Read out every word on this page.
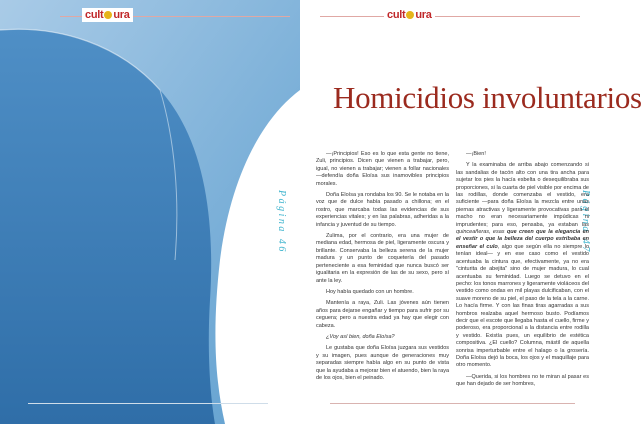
cult ura
Página 46
cult ura
Página 47
Homicidios involuntarios

—¡Principios! Eso es lo que esta gente no tiene, Zuli, principios. Dicen que vienen a trabajar, pero, igual, no vienen a trabajar; vienen a follar nacionales —defendía doña Eloísa sus inamovibles principios morales.

Doña Eloísa ya rondaba los 90. Se le notaba en la voz que de dulce había pasado a chillona; en el rostro, que marcaba todas las evidencias de sus experiencias vitales; y en las palabras, adheridas a la infancia y juventud de su tiempo.

Zulima, por el contrario, era una mujer de mediana edad, hermosa de piel, ligeramente oscura y brillante. Conservaba la belleza serena de la mujer madura y un punto de coquetería del pasado perteneciente a esa feminidad que nunca buscó ser igualitaria en la expresión de las de su sexo, pero sí ante la ley.

Hoy había quedado con un hombre.

Mantenía a raya, Zuli. Las jóvenes aún tienen años para dejarse engañar y tiempo para sufrir por su ceguera; pero a nuestra edad ya hay que elegir con cabeza.

¿Voy así bien, doña Eloísa?

Le gustaba que doña Eloísa juzgara sus vestidos y su imagen, pues aunque de generaciones muy separadas siempre había algo en su punto de vista que la ayudaba a mejorar bien el atuendo, bien la raya de los ojos, bien el peinado.

—¡Bien!

Y la examinaba de arriba abajo comenzando si las sandalias de tacón alto con una tira ancha para sujetar los pies la hacía esbelta o desequilibraba sus proporciones, si la cuarta de piel visible por encima de las rodillas, donde comenzaba el vestido, era suficiente —para doña Eloísa la mezcla entre unas piernas atractivas y ligeramente provocativas para el macho no eran necesariamente impúdicas ni imprudentes; para eso, pensaba, ya estaban las quinceañeras, esas que creen que la elegancia en el vestir o que la belleza del cuerpo estribaba en enseñar el culo, algo que según ella no siempre lo tenían ideal— y en ese caso como el vestido acentuaba la cintura que, efectivamente, ya no era "cinturita de abejita" sino de mujer madura, lo cual acentuaba su feminidad. Luego se detuvo en el pecho: los tonos marrones y ligeramente violáceos del vestido como ondas en mil playas dulcificaban, con el suave moreno de su piel, el paso de la tela a la carne. Lo hacía firme. Y con las finas tiras agarradas a sus hombros realzaba aquel hermoso busto. Podíamos decir que el escote que llegaba hasta el cuello, firme y poderoso, era proporcional a la distancia entre rodilla y vestido. Existía pues, un equilibrio de estética compositiva. ¿El cuello? Columna, mástil de aquella sonrisa imperturbable entre el halago o la grosería. Doña Eloísa dejó la boca, los ojos y el maquillaje para otro momento.

—Querida, si los hombres no te miran al pasar es que han dejado de ser hombres,
